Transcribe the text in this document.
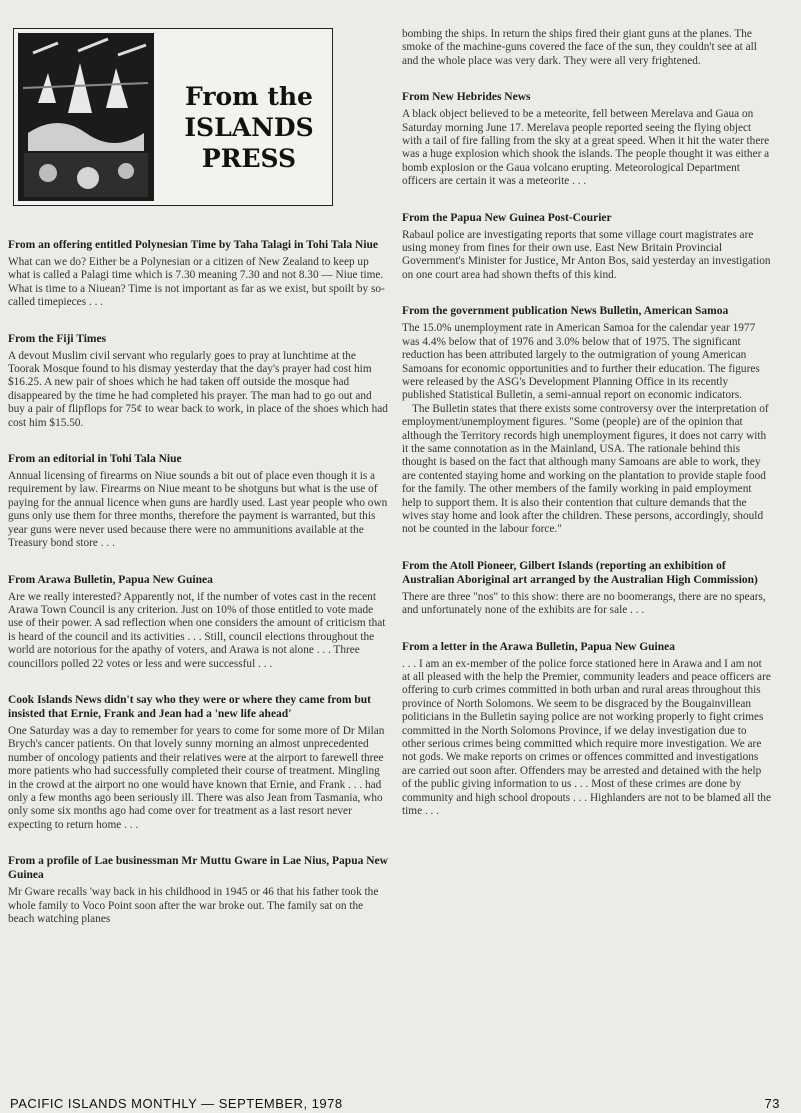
From the
ISLANDS
PRESS
From an offering entitled Polynesian Time by Taha Talagi in Tohi Tala Niue

What can we do? Either be a Polynesian or a citizen of New Zealand to keep up what is called a Palagi time which is 7.30 meaning 7.30 and not 8.30 — Niue time. What is time to a Niuean? Time is not important as far as we exist, but spoilt by so-called timepieces . . .

From the Fiji Times

A devout Muslim civil servant who regularly goes to pray at lunchtime at the Toorak Mosque found to his dismay yesterday that the day's prayer had cost him $16.25. A new pair of shoes which he had taken off outside the mosque had disappeared by the time he had completed his prayer. The man had to go out and buy a pair of flipflops for 75¢ to wear back to work, in place of the shoes which had cost him $15.50.

From an editorial in Tohi Tala Niue

Annual licensing of firearms on Niue sounds a bit out of place even though it is a requirement by law. Firearms on Niue meant to be shotguns but what is the use of paying for the annual licence when guns are hardly used. Last year people who own guns only use them for three months, therefore the payment is warranted, but this year guns were never used because there were no ammunitions available at the Treasury bond store . . .

From Arawa Bulletin, Papua New Guinea

Are we really interested? Apparently not, if the number of votes cast in the recent Arawa Town Council is any criterion. Just on 10% of those entitled to vote made use of their power. A sad reflection when one considers the amount of criticism that is heard of the council and its activities . . . Still, council elections throughout the world are notorious for the apathy of voters, and Arawa is not alone . . . Three councillors polled 22 votes or less and were successful . . .

Cook Islands News didn't say who they were or where they came from but insisted that Ernie, Frank and Jean had a 'new life ahead'

One Saturday was a day to remember for years to come for some more of Dr Milan Brych's cancer patients. On that lovely sunny morning an almost unprecedented number of oncology patients and their relatives were at the airport to farewell three more patients who had successfully completed their course of treatment. Mingling in the crowd at the airport no one would have known that Ernie, and Frank . . . had only a few months ago been seriously ill. There was also Jean from Tasmania, who only some six months ago had come over for treatment as a last resort never expecting to return home . . .

From a profile of Lae businessman Mr Muttu Gware in Lae Nius, Papua New Guinea

Mr Gware recalls 'way back in his childhood in 1945 or 46 that his father took the whole family to Voco Point soon after the war broke out. The family sat on the beach watching planes

bombing the ships. In return the ships fired their giant guns at the planes. The smoke of the machine-guns covered the face of the sun, they couldn't see at all and the whole place was very dark. They were all very frightened.
From New Hebrides News

A black object believed to be a meteorite, fell between Merelava and Gaua on Saturday morning June 17. Merelava people reported seeing the flying object with a tail of fire falling from the sky at a great speed. When it hit the water there was a huge explosion which shook the islands. The people thought it was either a bomb explosion or the Gaua volcano erupting. Meteorological Department officers are certain it was a meteorite . . .

From the Papua New Guinea Post-Courier

Rabaul police are investigating reports that some village court magistrates are using money from fines for their own use. East New Britain Provincial Government's Minister for Justice, Mr Anton Bos, said yesterday an investigation on one court area had shown thefts of this kind.

From the government publication News Bulletin, American Samoa

The 15.0% unemployment rate in American Samoa for the calendar year 1977 was 4.4% below that of 1976 and 3.0% below that of 1975. The significant reduction has been attributed largely to the outmigration of young American Samoans for economic opportunities and to further their education. The figures were released by the ASG's Development Planning Office in its recently published Statistical Bulletin, a semi-annual report on economic indicators.

The Bulletin states that there exists some controversy over the interpretation of employment/unemployment figures. "Some (people) are of the opinion that although the Territory records high unemployment figures, it does not carry with it the same connotation as in the Mainland, USA. The rationale behind this thought is based on the fact that although many Samoans are able to work, they are contented staying home and working on the plantation to provide staple food for the family. The other members of the family working in paid employment help to support them. It is also their contention that culture demands that the wives stay home and look after the children. These persons, accordingly, should not be counted in the labour force."

From the Atoll Pioneer, Gilbert Islands (reporting an exhibition of Australian Aboriginal art arranged by the Australian High Commission)

There are three "nos" to this show: there are no boomerangs, there are no spears, and unfortunately none of the exhibits are for sale . . .

From a letter in the Arawa Bulletin, Papua New Guinea

. . . I am an ex-member of the police force stationed here in Arawa and I am not at all pleased with the help the Premier, community leaders and peace officers are offering to curb crimes committed in both urban and rural areas throughout this province of North Solomons. We seem to be disgraced by the Bougainvillean politicians in the Bulletin saying police are not working properly to fight crimes committed in the North Solomons Province, if we delay investigation due to other serious crimes being committed which require more investigation. We are not gods. We make reports on crimes or offences committed and investigations are carried out soon after. Offenders may be arrested and detained with the help of the public giving information to us . . . Most of these crimes are done by community and high school dropouts . . . Highlanders are not to be blamed all the time . . .

PACIFIC ISLANDS MONTHLY — SEPTEMBER, 1978	73
